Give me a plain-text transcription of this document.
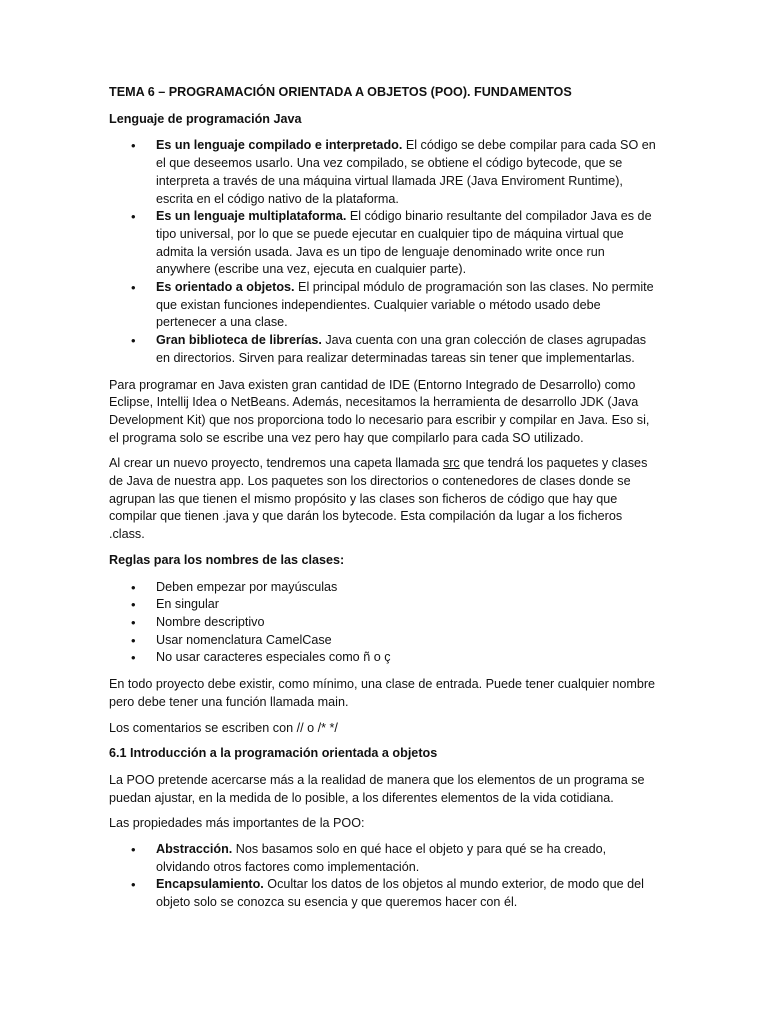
TEMA 6 – PROGRAMACIÓN ORIENTADA A OBJETOS (POO). FUNDAMENTOS

Lenguaje de programación Java

• Es un lenguaje compilado e interpretado. El código se debe compilar para cada SO en el que deseemos usarlo. Una vez compilado, se obtiene el código bytecode, que se interpreta a través de una máquina virtual llamada JRE (Java Enviroment Runtime), escrita en el código nativo de la plataforma.
• Es un lenguaje multiplataforma. El código binario resultante del compilador Java es de tipo universal, por lo que se puede ejecutar en cualquier tipo de máquina virtual que admita la versión usada. Java es un tipo de lenguaje denominado write once run anywhere (escribe una vez, ejecuta en cualquier parte).
• Es orientado a objetos. El principal módulo de programación son las clases. No permite que existan funciones independientes. Cualquier variable o método usado debe pertenecer a una clase.
• Gran biblioteca de librerías. Java cuenta con una gran colección de clases agrupadas en directorios. Sirven para realizar determinadas tareas sin tener que implementarlas.

Para programar en Java existen gran cantidad de IDE (Entorno Integrado de Desarrollo) como Eclipse, Intellij Idea o NetBeans. Además, necesitamos la herramienta de desarrollo JDK (Java Development Kit) que nos proporciona todo lo necesario para escribir y compilar en Java. Eso si, el programa solo se escribe una vez pero hay que compilarlo para cada SO utilizado.

Al crear un nuevo proyecto, tendremos una capeta llamada src que tendrá los paquetes y clases de Java de nuestra app. Los paquetes son los directorios o contenedores de clases donde se agrupan las que tienen el mismo propósito y las clases son ficheros de código que hay que compilar que tienen .java y que darán los bytecode. Esta compilación da lugar a los ficheros .class.

Reglas para los nombres de las clases:

• Deben empezar por mayúsculas
• En singular
• Nombre descriptivo
• Usar nomenclatura CamelCase
• No usar caracteres especiales como ñ o ç

En todo proyecto debe existir, como mínimo, una clase de entrada. Puede tener cualquier nombre pero debe tener una función llamada main.

Los comentarios se escriben con // o /* */

6.1 Introducción a la programación orientada a objetos

La POO pretende acercarse más a la realidad de manera que los elementos de un programa se puedan ajustar, en la medida de lo posible, a los diferentes elementos de la vida cotidiana.

Las propiedades más importantes de la POO:

• Abstracción. Nos basamos solo en qué hace el objeto y para qué se ha creado, olvidando otros factores como implementación.
• Encapsulamiento. Ocultar los datos de los objetos al mundo exterior, de modo que del objeto solo se conozca su esencia y que queremos hacer con él.
